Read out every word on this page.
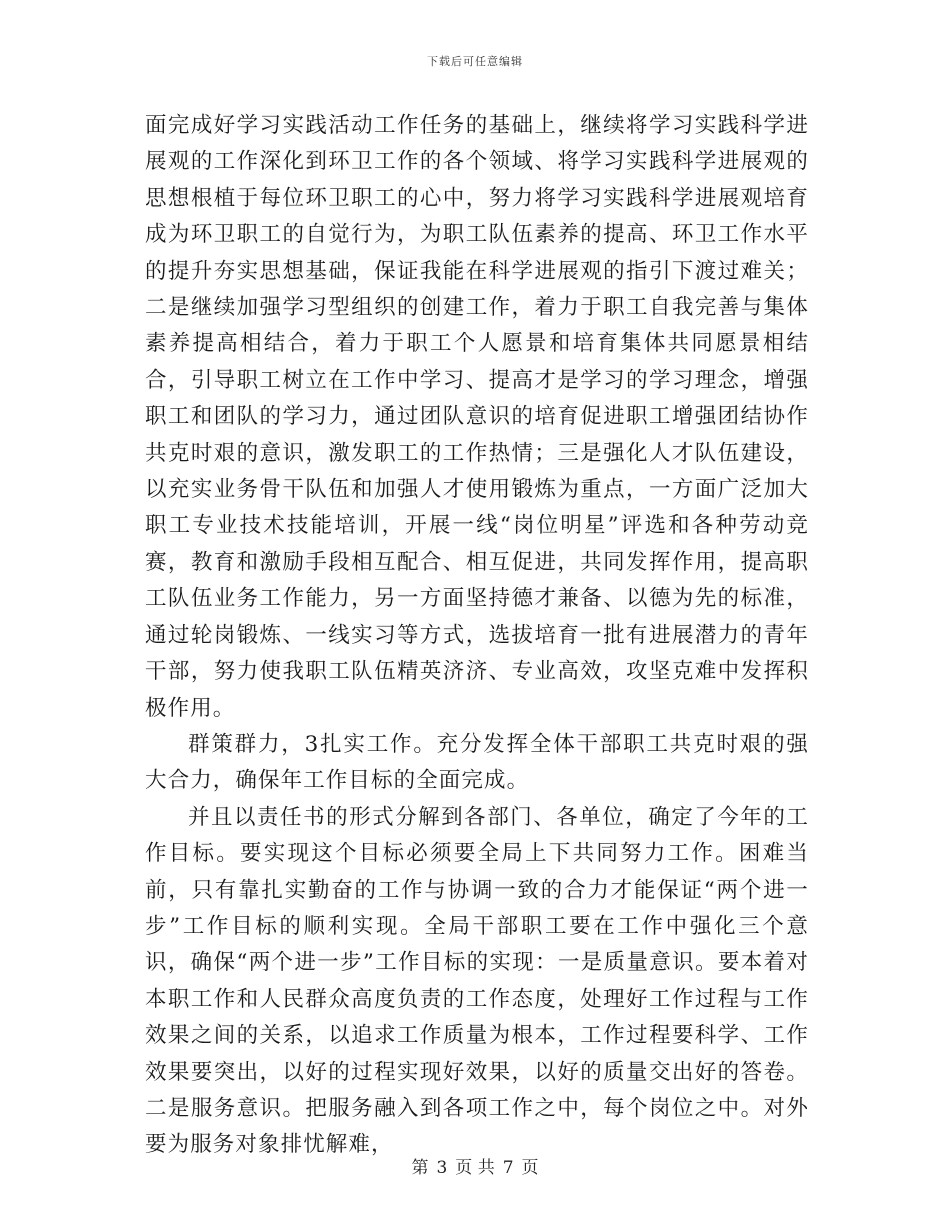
下载后可任意编辑

面完成好学习实践活动工作任务的基础上，继续将学习实践科学进展观的工作深化到环卫工作的各个领域、将学习实践科学进展观的思想根植于每位环卫职工的心中，努力将学习实践科学进展观培育成为环卫职工的自觉行为，为职工队伍素养的提高、环卫工作水平的提升夯实思想基础，保证我能在科学进展观的指引下渡过难关；二是继续加强学习型组织的创建工作，着力于职工自我完善与集体素养提高相结合，着力于职工个人愿景和培育集体共同愿景相结合，引导职工树立在工作中学习、提高才是学习的学习理念，增强职工和团队的学习力，通过团队意识的培育促进职工增强团结协作共克时艰的意识，激发职工的工作热情；三是强化人才队伍建设，以充实业务骨干队伍和加强人才使用锻炼为重点，一方面广泛加大职工专业技术技能培训，开展一线“岗位明星”评选和各种劳动竞赛，教育和激励手段相互配合、相互促进，共同发挥作用，提高职工队伍业务工作能力，另一方面坚持德才兼备、以德为先的标准，通过轮岗锻炼、一线实习等方式，选拔培育一批有进展潜力的青年干部，努力使我职工队伍精英济济、专业高效，攻坚克难中发挥积极作用。

群策群力，3扎实工作。充分发挥全体干部职工共克时艰的强大合力，确保年工作目标的全面完成。

并且以责任书的形式分解到各部门、各单位，确定了今年的工作目标。要实现这个目标必须要全局上下共同努力工作。困难当前，只有靠扎实勤奋的工作与协调一致的合力才能保证“两个进一步”工作目标的顺利实现。全局干部职工要在工作中强化三个意识，确保“两个进一步”工作目标的实现：一是质量意识。要本着对本职工作和人民群众高度负责的工作态度，处理好工作过程与工作效果之间的关系，以追求工作质量为根本，工作过程要科学、工作效果要突出，以好的过程实现好效果，以好的质量交出好的答卷。二是服务意识。把服务融入到各项工作之中，每个岗位之中。对外要为服务对象排忧解难，

第 3 页 共 7 页
